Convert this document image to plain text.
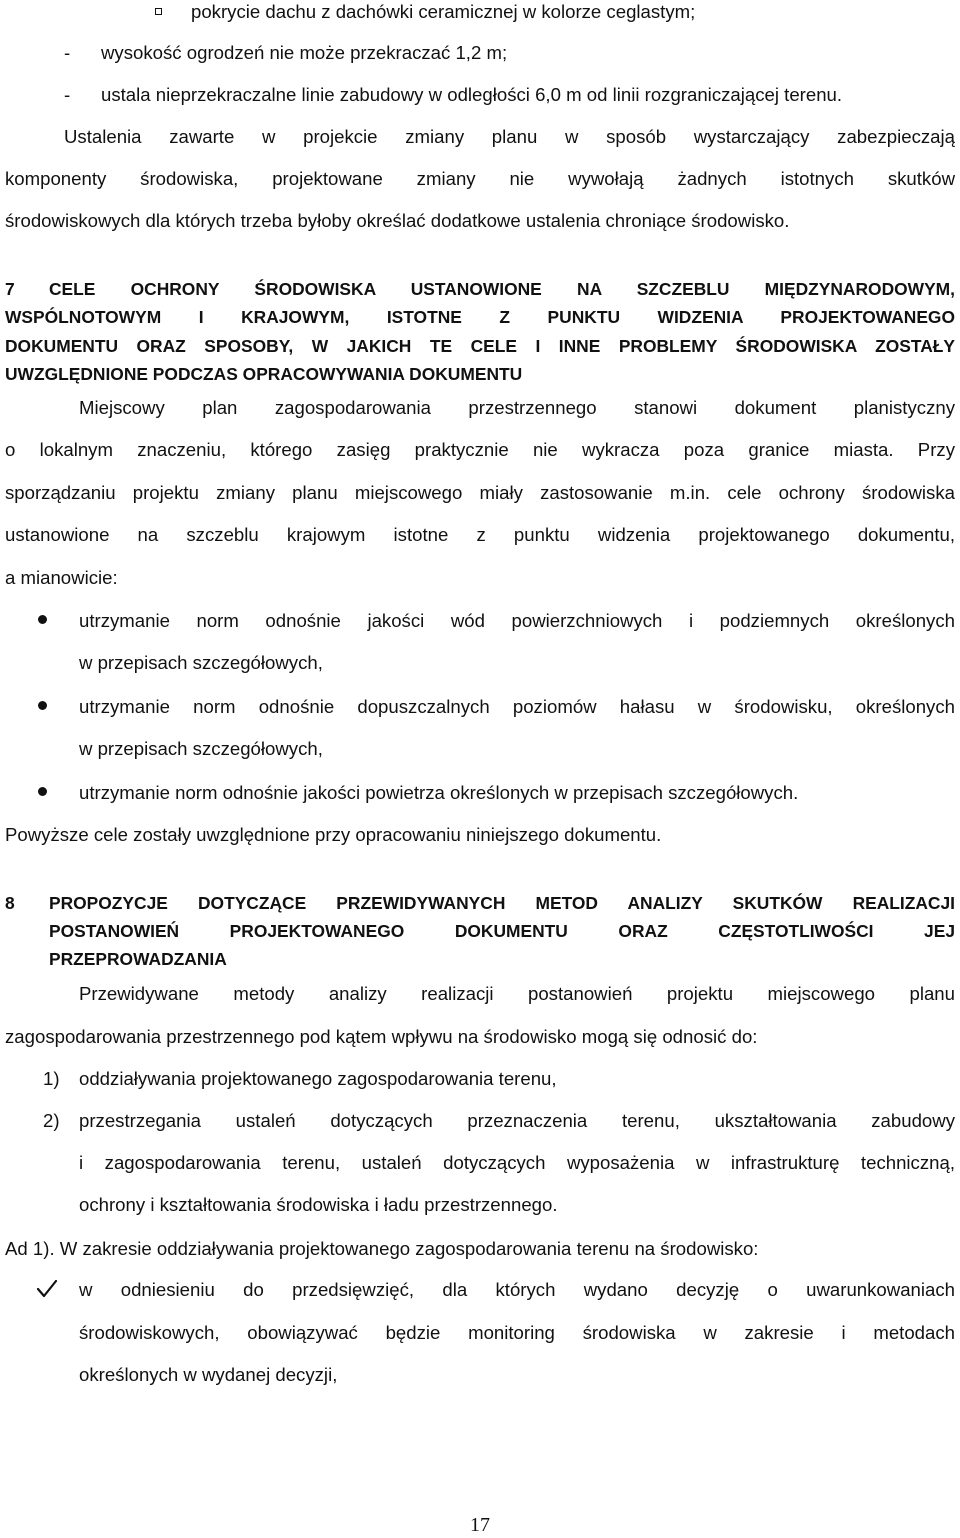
pokrycie dachu z dachówki ceramicznej w kolorze ceglastym;
- wysokość ogrodzeń nie może przekraczać 1,2 m;
- ustala nieprzekraczalne linie zabudowy w odległości 6,0 m od linii rozgraniczającej terenu.
Ustalenia zawarte w projekcie zmiany planu w sposób wystarczający zabezpieczają
komponenty środowiska, projektowane zmiany nie wywołają żadnych istotnych skutków
środowiskowych dla których trzeba byłoby określać dodatkowe ustalenia chroniące środowisko.
7 CELE OCHRONY ŚRODOWISKA USTANOWIONE NA SZCZEBLU MIĘDZYNARODOWYM,
WSPÓLNOTOWYM I KRAJOWYM, ISTOTNE Z PUNKTU WIDZENIA PROJEKTOWANEGO
DOKUMENTU ORAZ SPOSOBY, W JAKICH TE CELE I INNE PROBLEMY ŚRODOWISKA ZOSTAŁY
UWZGLĘDNIONE PODCZAS OPRACOWYWANIA DOKUMENTU
Miejscowy plan zagospodarowania przestrzennego stanowi dokument planistyczny
o lokalnym znaczeniu, którego zasięg praktycznie nie wykracza poza granice miasta. Przy
sporządzaniu projektu zmiany planu miejscowego miały zastosowanie m.in. cele ochrony środowiska
ustanowione na szczeblu krajowym istotne z punktu widzenia projektowanego dokumentu,
a mianowicie:
utrzymanie norm odnośnie jakości wód powierzchniowych i podziemnych określonych
w przepisach szczegółowych,
utrzymanie norm odnośnie dopuszczalnych poziomów hałasu w środowisku, określonych
w przepisach szczegółowych,
utrzymanie norm odnośnie jakości powietrza określonych w przepisach szczegółowych.
Powyższe cele zostały uwzględnione przy opracowaniu niniejszego dokumentu.
8 PROPOZYCJE DOTYCZĄCE PRZEWIDYWANYCH METOD ANALIZY SKUTKÓW REALIZACJI
POSTANOWIEŃ PROJEKTOWANEGO DOKUMENTU ORAZ CZĘSTOTLIWOŚCI JEJ
PRZEPROWADZANIA
Przewidywane metody analizy realizacji postanowień projektu miejscowego planu
zagospodarowania przestrzennego pod kątem wpływu na środowisko mogą się odnosić do:
1) oddziaływania projektowanego zagospodarowania terenu,
2) przestrzegania ustaleń dotyczących przeznaczenia terenu, ukształtowania zabudowy
i zagospodarowania terenu, ustaleń dotyczących wyposażenia w infrastrukturę techniczną,
ochrony i kształtowania środowiska i ładu przestrzennego.
Ad 1). W zakresie oddziaływania projektowanego zagospodarowania terenu na środowisko:
w odniesieniu do przedsięwzięć, dla których wydano decyzję o uwarunkowaniach
środowiskowych, obowiązywać będzie monitoring środowiska w zakresie i metodach
określonych w wydanej decyzji,
17
